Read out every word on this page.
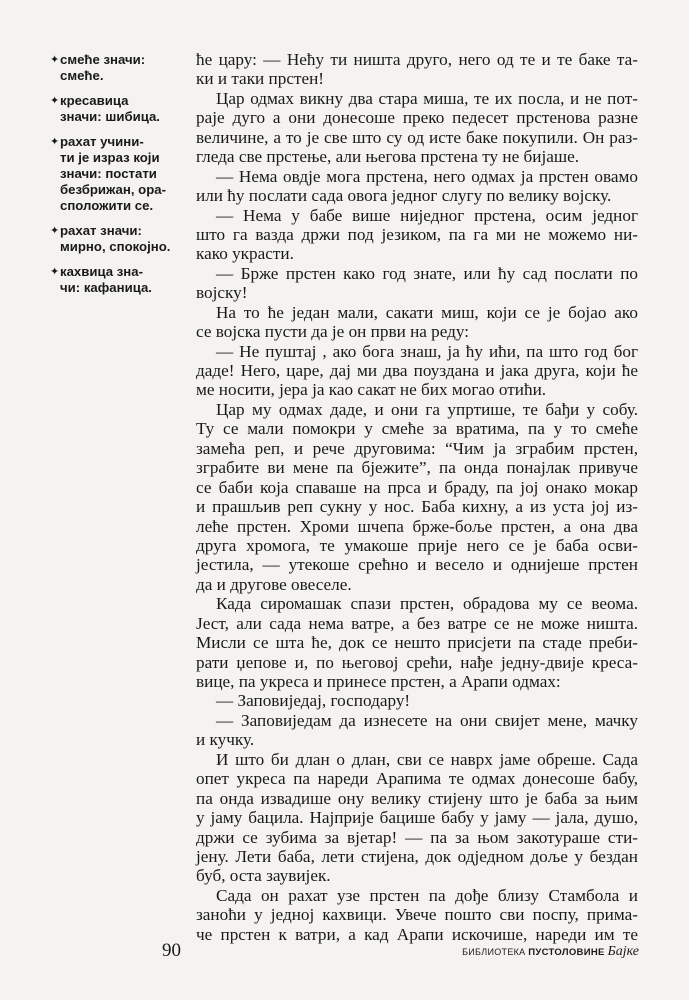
✦ смеће значи:
смеће.
✦ кресавица
значи: шибица.
✦ рахат учини-
ти је израз који
значи: постати
безбрижан, ора-
сположити се.
✦ рахат значи:
мирно, спокојно.
✦ кахвица зна-
чи: кафаница.
ће цару: — Нећу ти ништа друго, него од те и те баке та-
ки и таки прстен!
Цар одмах викну два стара миша, те их посла, и не пот-
раје дуго а они донесоше преко педесет прстенова разне
величине, а то је све што су од исте баке покупили. Он раз-
гледа све прстење, али његова прстена ту не бијаше.
— Нема овдје мога прстена, него одмах ја прстен овамо
или ћу послати сада овога једног слугу по велику војску.
— Нема у бабе више ниједног прстена, осим једног
што га вазда држи под језиком, па га ми не можемо ни-
како украсти.
— Брже прстен како год знате, или ћу сад послати по
војску!
На то ће један мали, сакати миш, који се је бојао ако
се војска пусти да је он први на реду:
— Не пуштај , ако бога знаш, ја ћу ићи, па што год бог
даде! Него, царе, дај ми два поуздана и јака друга, који ће
ме носити, јера ја као сакат не бих могао отићи.
Цар му одмах даде, и они га упртише, те бађи у собу.
Ту се мали помокри у смеће за вратима, па у то смеће
замећа реп, и рече друговима: “Чим ја зграбим прстен,
зграбите ви мене па бјежите”, па онда понајлак привуче
се баби која спаваше на прса и браду, па јој онако мокар
и прашљив реп сукну у нос. Баба кихну, а из уста јој из-
леће прстен. Хроми шчепа брже-боље прстен, а она два
друга хромога, те умакоше прије него се је баба осви-
јестила, — утекоше срећно и весело и однијеше прстен
да и другове овеселе.
Када сиромашак спази прстен, обрадова му се веома.
Јест, али сада нема ватре, а без ватре се не може ништа.
Мисли се шта ће, док се нешто присјети па стаде преби-
рати џепове и, по његовој срећи, нађе једну-двије креса-
вице, па укреса и принесе прстен, а Арапи одмах:
— Заповиједај, господару!
— Заповиједам да изнесете на они свијет мене, мачку
и кучку.
И што би длан о длан, сви се наврх јаме обреше. Сада
опет укреса па нареди Арапима те одмах донесоше бабу,
па онда извадише ону велику стијену што је баба за њим
у јаму бацила. Најприје бацише бабу у јаму — јала, душо,
држи се зубима за вјетар! — па за њом закотураше сти-
јену. Лети баба, лети стијена, док одједном доље у бездан
буб, оста заувијек.
Сада он рахат узе прстен па дође близу Стамбола и
заноћи у једној кахвици. Увече пошто сви поспу, прима-
че прстен к ватри, а кад Арапи искочише, нареди им те
90	БИБЛИОТЕКА ПУСТОЛОВИНЕ Бајке
